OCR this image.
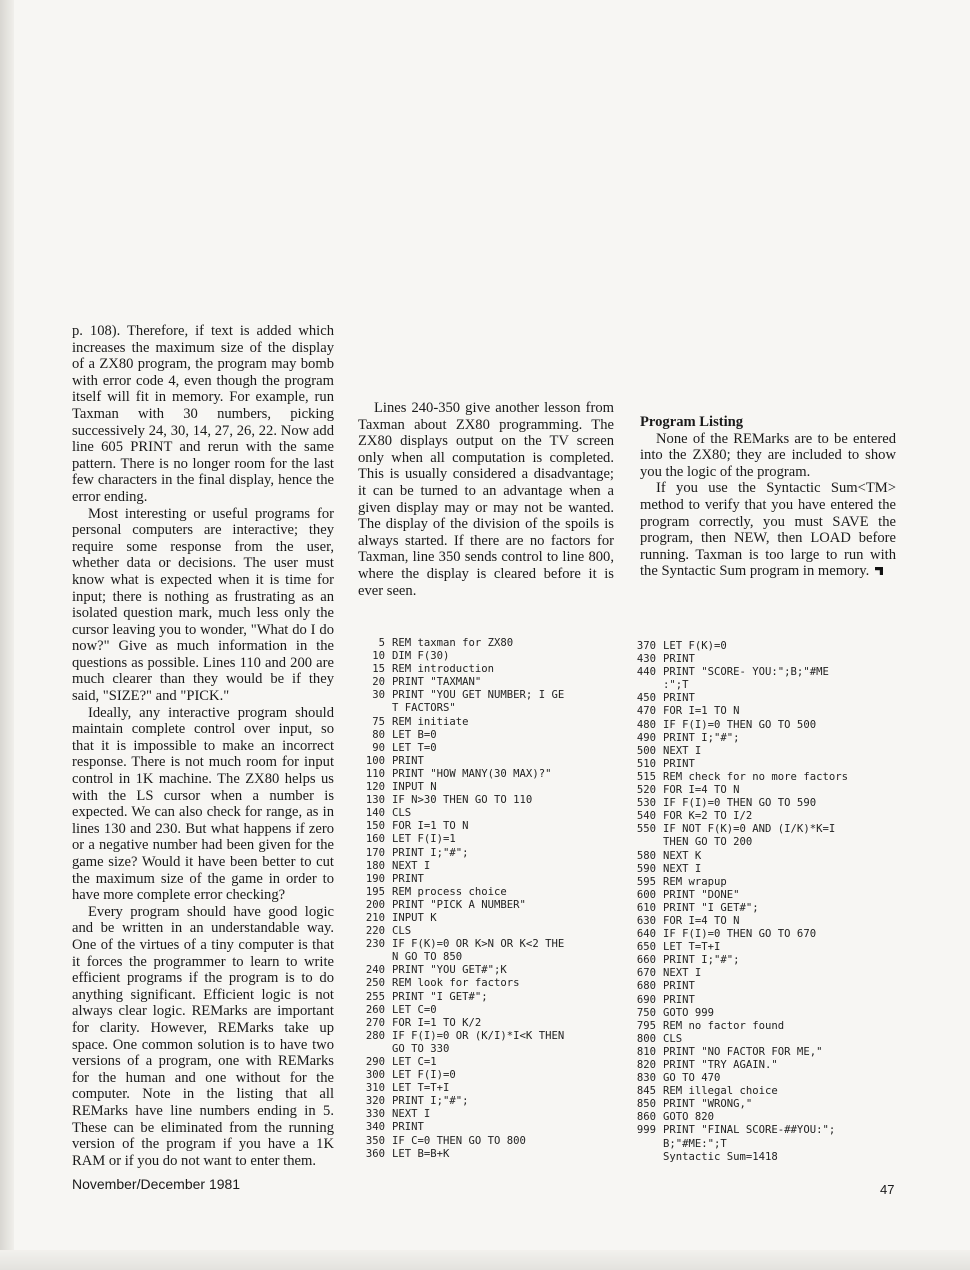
p. 108). Therefore, if text is added which increases the maximum size of the display of a ZX80 program, the program may bomb with error code 4, even though the program itself will fit in memory. For example, run Taxman with 30 numbers, picking successively 24, 30, 14, 27, 26, 22. Now add line 605 PRINT and rerun with the same pattern. There is no longer room for the last few characters in the final display, hence the error ending.

Most interesting or useful programs for personal computers are interactive; they require some response from the user, whether data or decisions. The user must know what is expected when it is time for input; there is nothing as frustrating as an isolated question mark, much less only the cursor leaving you to wonder, "What do I do now?" Give as much information in the questions as possible. Lines 110 and 200 are much clearer than they would be if they said, "SIZE?" and "PICK."

Ideally, any interactive program should maintain complete control over input, so that it is impossible to make an incorrect response. There is not much room for input control in 1K machine. The ZX80 helps us with the LS cursor when a number is expected. We can also check for range, as in lines 130 and 230. But what happens if zero or a negative number had been given for the game size? Would it have been better to cut the maximum size of the game in order to have more complete error checking?

Every program should have good logic and be written in an understandable way. One of the virtues of a tiny computer is that it forces the programmer to learn to write efficient programs if the program is to do anything significant. Efficient logic is not always clear logic. REMarks are important for clarity. However, REMarks take up space. One common solution is to have two versions of a program, one with REMarks for the human and one without for the computer. Note in the listing that all REMarks have line numbers ending in 5. These can be eliminated from the running version of the program if you have a 1K RAM or if you do not want to enter them.

Lines 240-350 give another lesson from Taxman about ZX80 programming. The ZX80 displays output on the TV screen only when all computation is completed. This is usually considered a disadvantage; it can be turned to an advantage when a given display may or may not be wanted. The display of the division of the spoils is always started. If there are no factors for Taxman, line 350 sends control to line 800, where the display is cleared before it is ever seen.

Program Listing

None of the REMarks are to be entered into the ZX80; they are included to show you the logic of the program.

If you use the Syntactic Sum<TM> method to verify that you have entered the program correctly, you must SAVE the program, then NEW, then LOAD before running. Taxman is too large to run with the Syntactic Sum program in memory.

5 REM taxman for ZX80
10 DIM F(30)
15 REM introduction
20 PRINT "TAXMAN"
30 PRINT "YOU GET NUMBER; I GE
T FACTORS"
75 REM initiate
80 LET B=0
90 LET T=0
100 PRINT
110 PRINT "HOW MANY(30 MAX)?"
120 INPUT N
130 IF N>30 THEN GO TO 110
140 CLS
150 FOR I=1 TO N
160 LET F(I)=1
170 PRINT I;"#";
180 NEXT I
190 PRINT
195 REM process choice
200 PRINT "PICK A NUMBER"
210 INPUT K
220 CLS
230 IF F(K)=0 OR K>N OR K<2 THE
N GO TO 850
240 PRINT "YOU GET#";K
250 REM look for factors
255 PRINT "I GET#";
260 LET C=0
270 FOR I=1 TO K/2
280 IF F(I)=0 OR (K/I)*I<K THEN
GO TO 330
290 LET C=1
300 LET F(I)=0
310 LET T=T+I
320 PRINT I;"#";
330 NEXT I
340 PRINT
350 IF C=0 THEN GO TO 800
360 LET B=B+K
370 LET F(K)=0
430 PRINT
440 PRINT "SCORE- YOU:";B;"#ME
:";T
450 PRINT
470 FOR I=1 TO N
480 IF F(I)=0 THEN GO TO 500
490 PRINT I;"#";
500 NEXT I
510 PRINT
515 REM check for no more factors
520 FOR I=4 TO N
530 IF F(I)=0 THEN GO TO 590
540 FOR K=2 TO I/2
550 IF NOT F(K)=0 AND (I/K)*K=I
THEN GO TO 200
580 NEXT K
590 NEXT I
595 REM wrapup
600 PRINT "DONE"
610 PRINT "I GET#";
630 FOR I=4 TO N
640 IF F(I)=0 THEN GO TO 670
650 LET T=T+I
660 PRINT I;"#";
670 NEXT I
680 PRINT
690 PRINT
750 GOTO 999
795 REM no factor found
800 CLS
810 PRINT "NO FACTOR FOR ME,"
820 PRINT "TRY AGAIN."
830 GO TO 470
845 REM illegal choice
850 PRINT "WRONG,"
860 GOTO 820
999 PRINT "FINAL SCORE-##YOU:";
B;"#ME:";T
Syntactic Sum=1418
November/December 1981	47
